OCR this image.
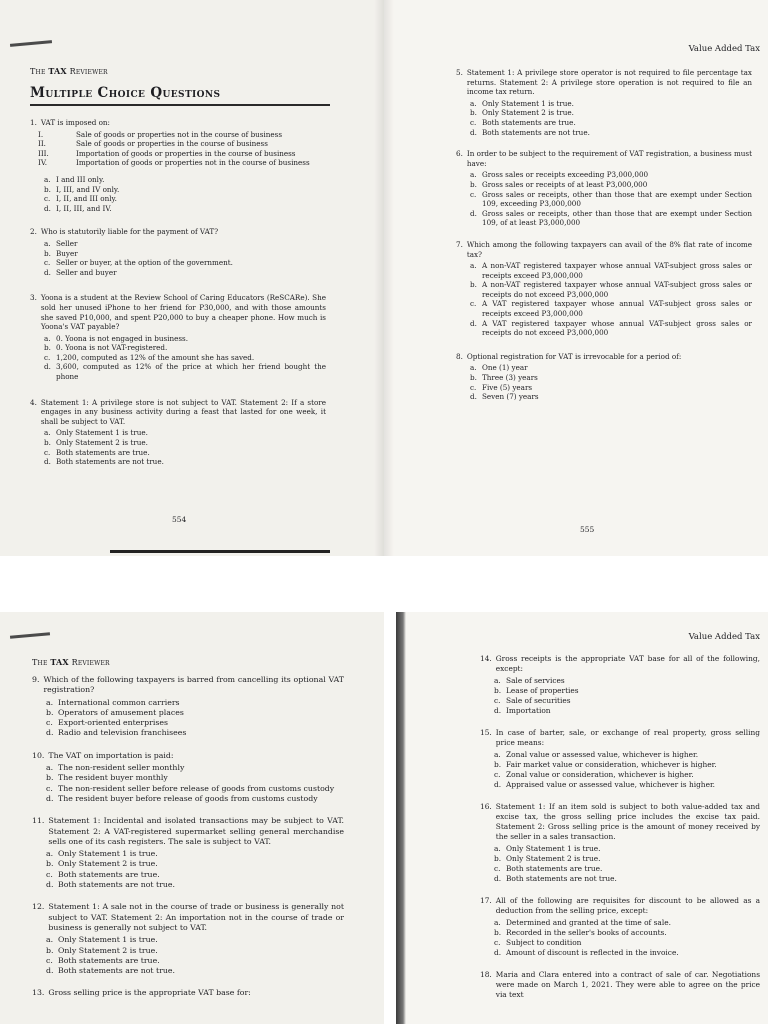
The TAX Reviewer
Multiple Choice Questions
1. VAT is imposed on:
I.	Sale of goods or properties not in the course of business
II.	Sale of goods or properties in the course of business
III.	Importation of goods or properties in the course of business
IV.	Importation of goods or properties not in the course of business
a. I and III only.
b. I, III, and IV only.
c. I, II, and III only.
d. I, II, III, and IV.
2. Who is statutorily liable for the payment of VAT?
a. Seller
b. Buyer
c. Seller or buyer, at the option of the government.
d. Seller and buyer
3. Yoona is a student at the Review School of Caring Educators (ReSCARe). She sold her unused iPhone to her friend for P30,000, and with those amounts she saved P10,000, and spent P20,000 to buy a cheaper phone. How much is Yoona's VAT payable?
a. 0. Yoona is not engaged in business.
b. 0. Yoona is not VAT-registered.
c. 1,200, computed as 12% of the amount she has saved.
d. 3,600, computed as 12% of the price at which her friend bought the phone
4. Statement 1: A privilege store is not subject to VAT. Statement 2: If a store engages in any business activity during a feast that lasted for one week, it shall be subject to VAT.
a. Only Statement 1 is true.
b. Only Statement 2 is true.
c. Both statements are true.
d. Both statements are not true.
554
Value Added Tax
5. Statement 1: A privilege store operator is not required to file percentage tax returns. Statement 2: A privilege store operation is not required to file an income tax return.
a. Only Statement 1 is true.
b. Only Statement 2 is true.
c. Both statements are true.
d. Both statements are not true.
6. In order to be subject to the requirement of VAT registration, a business must have:
a. Gross sales or receipts exceeding P3,000,000
b. Gross sales or receipts of at least P3,000,000
c. Gross sales or receipts, other than those that are exempt under Section 109, exceeding P3,000,000
d. Gross sales or receipts, other than those that are exempt under Section 109, of at least P3,000,000
7. Which among the following taxpayers can avail of the 8% flat rate of income tax?
a. A non-VAT registered taxpayer whose annual VAT-subject gross sales or receipts exceed P3,000,000
b. A non-VAT registered taxpayer whose annual VAT-subject gross sales or receipts do not exceed P3,000,000
c. A VAT registered taxpayer whose annual VAT-subject gross sales or receipts exceed P3,000,000
d. A VAT registered taxpayer whose annual VAT-subject gross sales or receipts do not exceed P3,000,000
8. Optional registration for VAT is irrevocable for a period of:
a. One (1) year
b. Three (3) years
c. Five (5) years
d. Seven (7) years
555
The TAX Reviewer
9. Which of the following taxpayers is barred from cancelling its optional VAT registration?
a. International common carriers
b. Operators of amusement places
c. Export-oriented enterprises
d. Radio and television franchisees
10. The VAT on importation is paid:
a. The non-resident seller monthly
b. The resident buyer monthly
c. The non-resident seller before release of goods from customs custody
d. The resident buyer before release of goods from customs custody
11. Statement 1: Incidental and isolated transactions may be subject to VAT. Statement 2: A VAT-registered supermarket selling general merchandise sells one of its cash registers. The sale is subject to VAT.
a. Only Statement 1 is true.
b. Only Statement 2 is true.
c. Both statements are true.
d. Both statements are not true.
12. Statement 1: A sale not in the course of trade or business is generally not subject to VAT. Statement 2: An importation not in the course of trade or business is generally not subject to VAT.
a. Only Statement 1 is true.
b. Only Statement 2 is true.
c. Both statements are true.
d. Both statements are not true.
13. Gross selling price is the appropriate VAT base for:
Value Added Tax
14. Gross receipts is the appropriate VAT base for all of the following, except:
a. Sale of services
b. Lease of properties
c. Sale of securities
d. Importation
15. In case of barter, sale, or exchange of real property, gross selling price means:
a. Zonal value or assessed value, whichever is higher.
b. Fair market value or consideration, whichever is higher.
c. Zonal value or consideration, whichever is higher.
d. Appraised value or assessed value, whichever is higher.
16. Statement 1: If an item sold is subject to both value-added tax and excise tax, the gross selling price includes the excise tax paid. Statement 2: Gross selling price is the amount of money received by the seller in a sales transaction.
a. Only Statement 1 is true.
b. Only Statement 2 is true.
c. Both statements are true.
d. Both statements are not true.
17. All of the following are requisites for discount to be allowed as a deduction from the selling price, except:
a. Determined and granted at the time of sale.
b. Recorded in the seller's books of accounts.
c. Subject to condition
d. Amount of discount is reflected in the invoice.
18. Maria and Clara entered into a contract of sale of car. Negotiations were made on March 1, 2021. They were able to agree on the price via text
